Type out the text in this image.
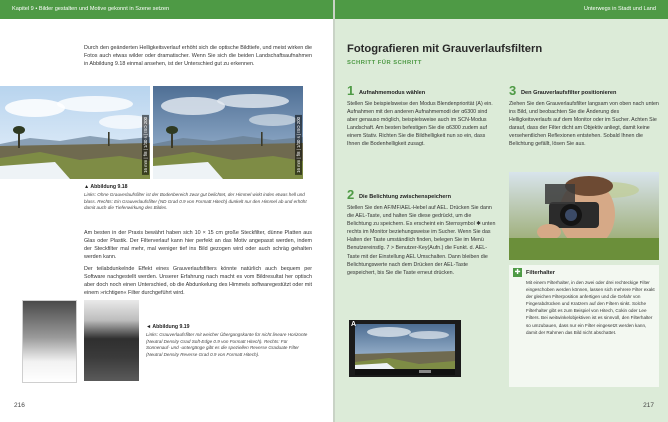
Durch den geänderten Helligkeitsverlauf erhöht sich die optische Bildtiefe, und meist wirken die Fotos auch etwas wilder oder dramatischer. Wenn Sie sich die beiden Landschaftsaufnahmen in Abbildung 9.18 einmal ansehen, ist der Unterschied gut zu erkennen.
16 mm | f/8 | 1/30 s | ISO 200	16 mm | f/8 | 1/30 s | ISO 200
▲ Abbildung 9.18
Links: Ohne Grauverlaufsfilter ist der Bodenbereich zwar gut belichtet, der Himmel wirkt indes etwas hell und blass. Rechts: Ein Grauverlaufsfilter (ND Grad 0.9 von Formatt Hitech) dunkelt nur den Himmel ab und erhöht damit auch die Tiefenwirkung des Bildes.
Am besten in der Praxis bewährt haben sich 10 × 15 cm große Steckfilter, dünne Platten aus Glas oder Plastik. Der Filterverlauf kann hier perfekt an das Motiv angepasst werden, indem der Steckfilter mal mehr, mal weniger tief ins Bild gezogen wird oder auch schräg gehalten werden kann.
Der teilabdunkelnde Effekt eines Grauverlaufsfilters könnte natürlich auch bequem per Software nachgestellt werden. Unserer Erfahrung nach macht es vom Bildresultat her optisch aber doch noch einen Unterschied, ob die Abdunkelung des Himmels softwaregestützt oder mit einem »richtigen« Filter durchgeführt wird.
◄ Abbildung 9.19
Links: Grauverlaufsfilter mit weicher Übergangskante für nicht lineare Horizonte (Neutral Density Grad Soft-Edge 0.9 von Formatt Hitech). Rechts: Für Sonnenauf- und -untergänge gibt es die speziellen Reverse Graduate Filter (Neutral Density Reverse Grad 0.9 von Formatt Hitech).
216
Fotografieren mit Grauverlaufsfiltern
SCHRITT FÜR SCHRITT
1 Aufnahmemodus wählen
Stellen Sie beispielsweise den Modus Blendenpriorität (A) ein. Aufnahmen mit den anderen Aufnahmemodi der α6300 sind aber genauso möglich, beispielsweise auch im SCN-Modus Landschaft. Am besten befestigen Sie die α6300 zudem auf einem Stativ. Richten Sie die Bildhelligkeit nun so ein, dass Ihnen die Bodenhelligkeit zusagt.
2 Die Belichtung zwischenspeichern
Stellen Sie den AF/MF/AEL-Hebel auf AEL. Drücken Sie dann die AEL-Taste, und halten Sie diese gedrückt, um die Belichtung zu speichern. Es erscheint ein Sternsymbol ✱ unten rechts im Monitor beziehungsweise im Sucher. Wenn Sie das Halten der Taste umständlich finden, belegen Sie im Menü Benutzereinstlg. 7 > Benutzer-Key(Aufn.) die Funkt. d. AEL-Taste mit der Einstellung AEL Umschalten. Dann bleiben die Belichtungswerte nach dem Drücken der AEL-Taste gespeichert, bis Sie die Taste erneut drücken.
A
3 Den Grauverlaufsfilter positionieren
Ziehen Sie den Grauverlaufsfilter langsam von oben nach unten ins Bild, und beobachten Sie die Änderung des Helligkeitsverlaufs auf dem Monitor oder im Sucher. Achten Sie darauf, dass der Filter dicht am Objektiv anliegt, damit keine versehentlichen Reflexionen entstehen. Sobald Ihnen die Belichtung gefällt, lösen Sie aus.
✚ Filterhalter
Mit einem Filterhalter, in den zwei oder drei rechteckige Filter eingeschoben werden können, lassen sich mehrere Filter exakt der gleichen Filterposition anfertigen und die Gefahr von Fingerabdrücken und Kratzern auf den Filtern sinkt. Solche Filterhalter gibt es zum Beispiel von Hitech, Cokin oder Lee Filters. Bei weitwinkelobjektiven ist es sinnvoll, den Filterhalter so umzubauen, dass nur ein Filter eingesetzt werden kann, damit der Rahmen das Bild nicht abschattet.
217
Kapitel 9 • Bilder gestalten und Motive gekonnt in Szene setzen	Unterwegs in Stadt und Land
